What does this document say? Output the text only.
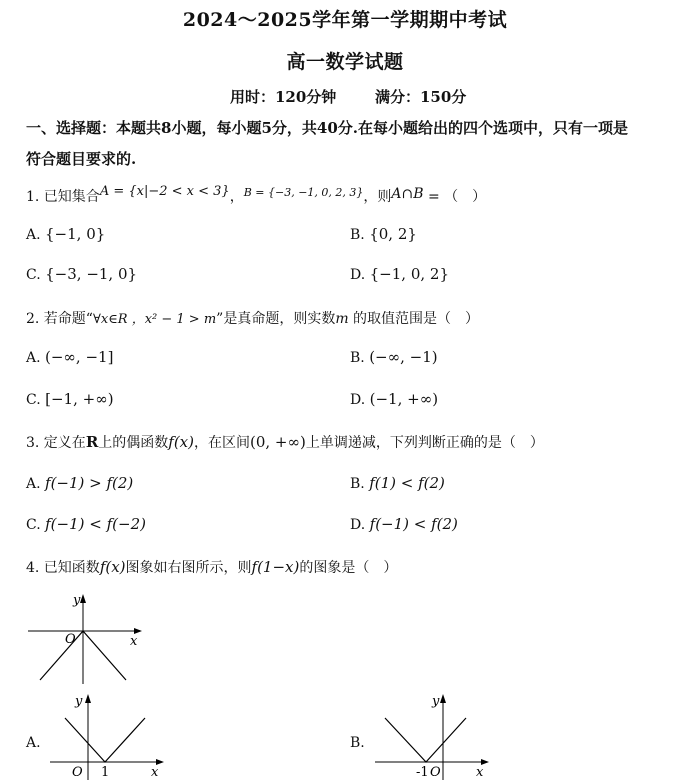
2024～2025学年第一学期期中考试
高一数学试题
用时：120分钟	满分：150分
一、选择题：本题共8小题，每小题5分，共40分.在每小题给出的四个选项中，只有一项是
符合题目要求的.
1. 已知集合A = {x|−2 < x < 3}，$^{B = \{-3, -1, 0, 2, 3\}}$，则A∩B = （　）
A. {−1, 0}	B. {0, 2}
C. {−3, −1, 0}	D. {−1, 0, 2}
2. 若命题“∀x∈R ，x² − 1 > m”是真命题，则实数m 的取值范围是（　）
A. (−∞, −1]	B. (−∞, −1)
C. [−1, +∞)	D. (−1, +∞)
3. 定义在R上的偶函数f(x)，在区间(0, +∞)上单调递减，下列判断正确的是（　）
A. f(−1) > f(2)	B. f(1) < f(2)
C. f(−1) < f(−2)	D. f(−1) < f(2)
4. 已知函数f(x)图象如右图所示，则f(1−x)的图象是（　）
y
O	x
A.
y
O 1	x
B.
y
-1 O	x
